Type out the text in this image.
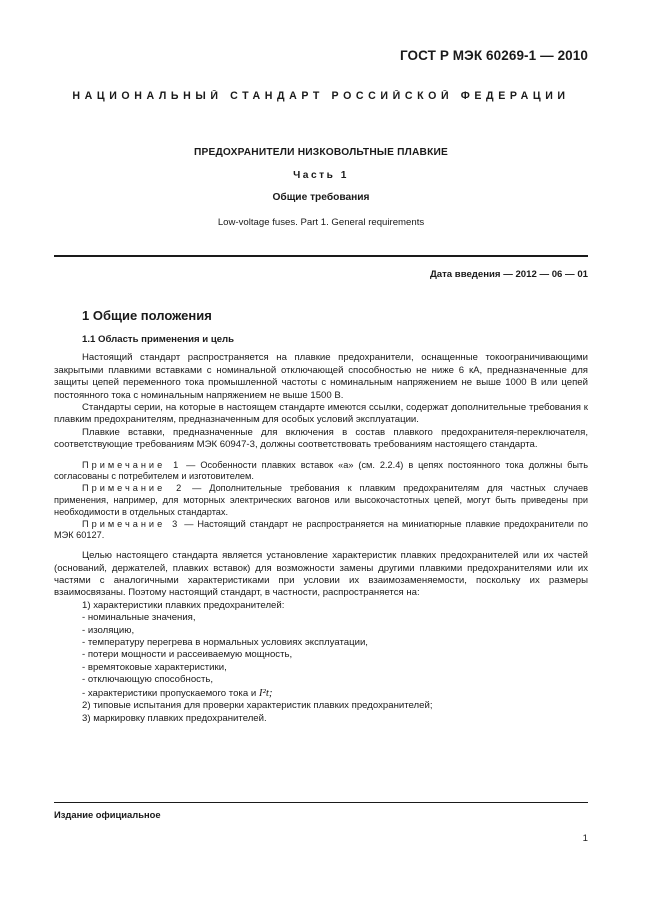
ГОСТ Р МЭК 60269-1 — 2010
НАЦИОНАЛЬНЫЙ СТАНДАРТ РОССИЙСКОЙ ФЕДЕРАЦИИ
ПРЕДОХРАНИТЕЛИ НИЗКОВОЛЬТНЫЕ ПЛАВКИЕ
Часть 1
Общие требования
Low-voltage fuses. Part 1. General requirements
Дата введения — 2012 — 06 — 01
1 Общие положения
1.1 Область применения и цель

Настоящий стандарт распространяется на плавкие предохранители, оснащенные токоограничивающими закрытыми плавкими вставками с номинальной отключающей способностью не ниже 6 кА, предназначенные для защиты цепей переменного тока промышленной частоты с номинальным напряжением не выше 1000 В или цепей постоянного тока с номинальным напряжением не выше 1500 В.

Стандарты серии, на которые в настоящем стандарте имеются ссылки, содержат дополнительные требования к плавким предохранителям, предназначенным для особых условий эксплуатации.

Плавкие вставки, предназначенные для включения в состав плавкого предохранителя-переключателя, соответствующие требованиям МЭК 60947-3, должны соответствовать требованиям настоящего стандарта.

Примечание 1 — Особенности плавких вставок «а» (см. 2.2.4) в цепях постоянного тока должны быть согласованы с потребителем и изготовителем.

Примечание 2 — Дополнительные требования к плавким предохранителям для частных случаев применения, например, для моторных электрических вагонов или высокочастотных цепей, могут быть приведены при необходимости в отдельных стандартах.

Примечание 3 — Настоящий стандарт не распространяется на миниатюрные плавкие предохранители по МЭК 60127.

Целью настоящего стандарта является установление характеристик плавких предохранителей или их частей (оснований, держателей, плавких вставок) для возможности замены другими плавкими предохранителями или их частями с аналогичными характеристиками при условии их взаимозаменяемости, поскольку их размеры взаимосвязаны. Поэтому настоящий стандарт, в частности, распространяется на:

1) характеристики плавких предохранителей:
- номинальные значения,
- изоляцию,
- температуру перегрева в нормальных условиях эксплуатации,
- потери мощности и рассеиваемую мощность,
- времятоковые характеристики,
- отключающую способность,
- характеристики пропускаемого тока и I²t;
2) типовые испытания для проверки характеристик плавких предохранителей;
3) маркировку плавких предохранителей.
Издание официальное
1
